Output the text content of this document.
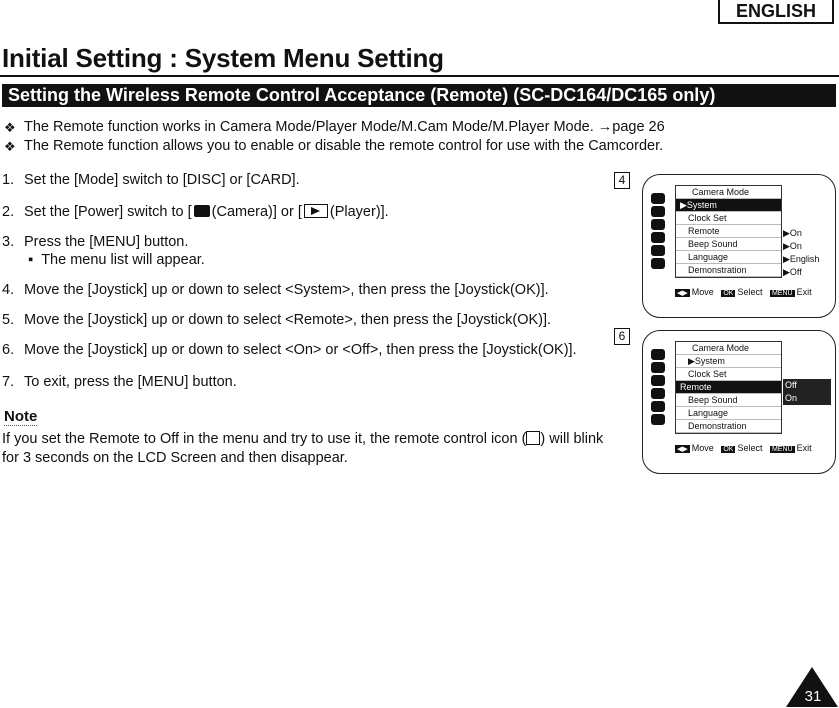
ENGLISH
Initial Setting : System Menu Setting
Setting the Wireless Remote Control Acceptance (Remote) (SC-DC164/DC165 only)
❖ The Remote function works in Camera Mode/Player Mode/M.Cam Mode/M.Player Mode. →page 26
❖ The Remote function allows you to enable or disable the remote control for use with the Camcorder.
1. Set the [Mode] switch to [DISC] or [CARD].
2. Set the [Power] switch to [ (Camera)] or [ (Player)].
3. Press the [MENU] button.
▪  The menu list will appear.
4. Move the [Joystick] up or down to select <System>, then press the [Joystick(OK)].
5. Move the [Joystick] up or down to select <Remote>, then press the [Joystick(OK)].
6. Move the [Joystick] up or down to select <On> or <Off>, then press the [Joystick(OK)].
7. To exit, press the [MENU] button.
Note
If you set the Remote to Off in the menu and try to use it, the remote control icon ( ) will blink for 3 seconds on the LCD Screen and then disappear.
4
Camera Mode
▶System
Clock Set
Remote
Beep Sound
Language
Demonstration
▶On
▶On
▶English
▶Off
◀▶ Move OK Select MENU Exit
6
Camera Mode
▶System
Clock Set
Remote
Beep Sound
Language
Demonstration
Off
On
◀▶ Move OK Select MENU Exit
31
